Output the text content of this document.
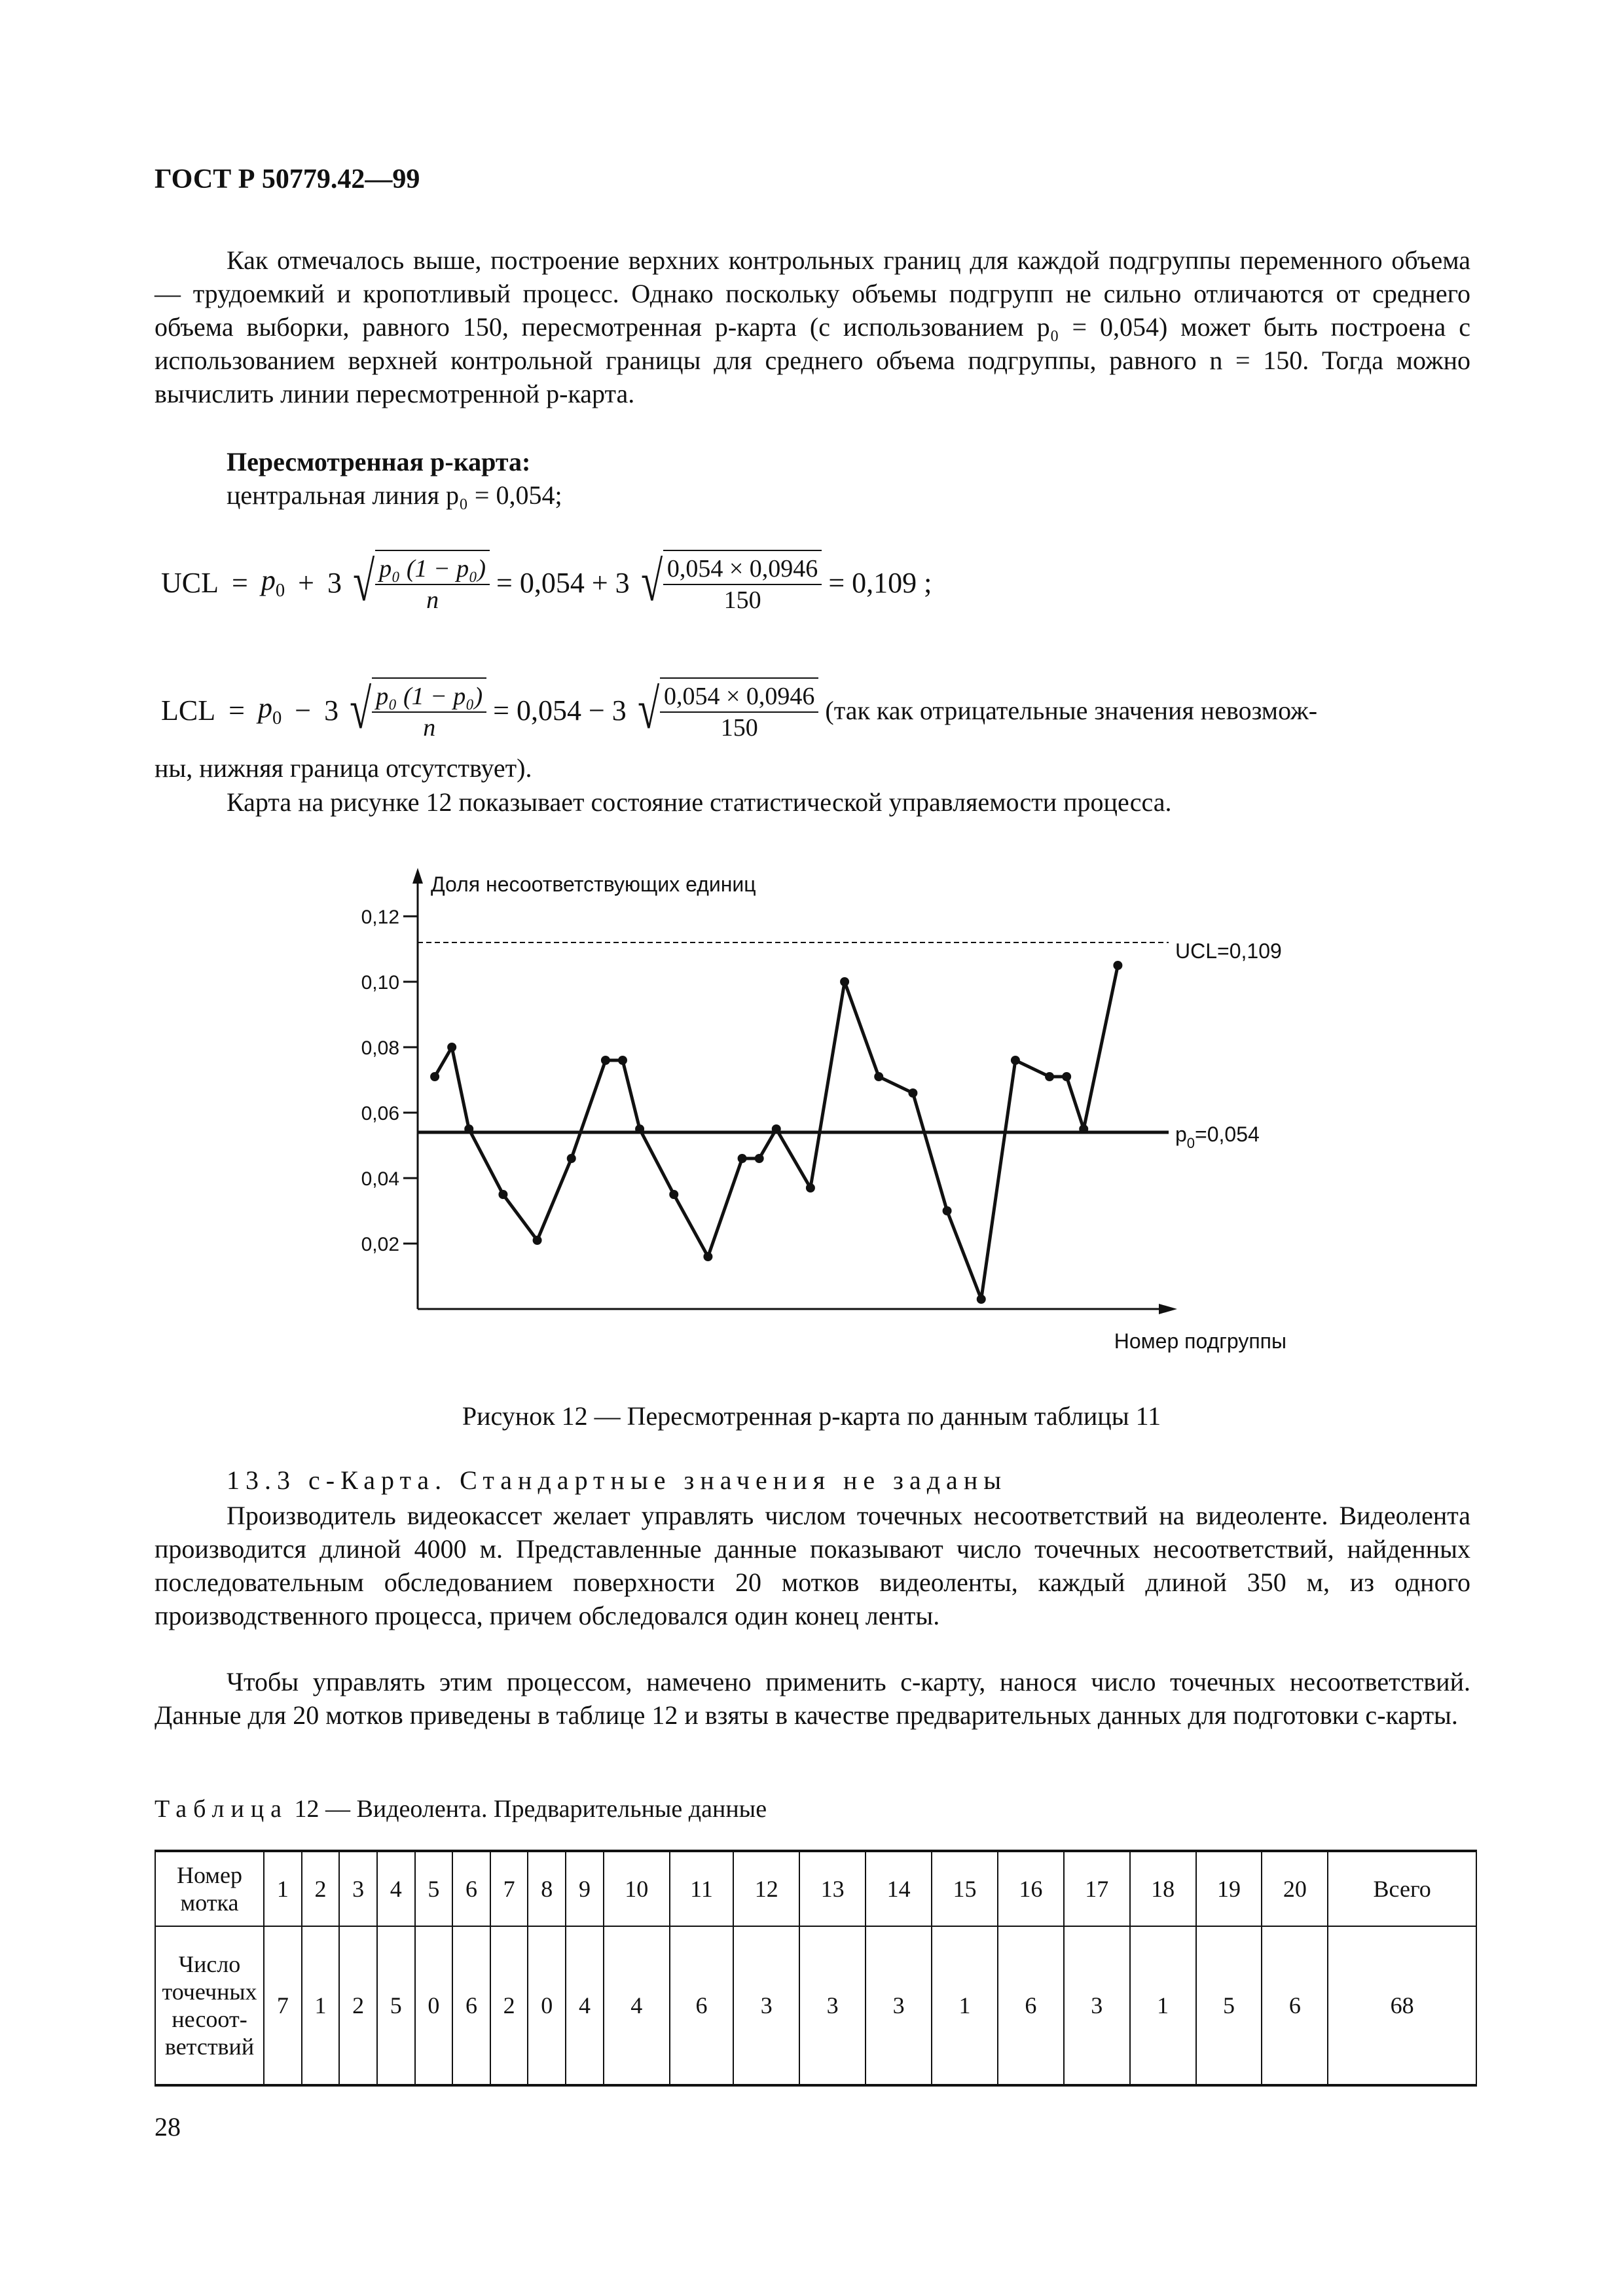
ГОСТ Р 50779.42—99

Как отмечалось выше, построение верхних контрольных границ для каждой подгруппы переменного объема — трудоемкий и кропотливый процесс. Однако поскольку объемы подгрупп не сильно отличаются от среднего объема выборки, равного 150, пересмотренная p-карта (с использованием p₀ = 0,054) может быть построена с использованием верхней контрольной границы для среднего объема подгруппы, равного n = 150. Тогда можно вычислить линии пересмотренной p-карта.

Пересмотренная p-карта:
центральная линия p₀ = 0,054;
UCL = $p_0 + 3$ √ $\frac{\text{p₀ (1 − p₀)}}{n} = 0,054 + 3$ √ $\frac{0,054 \times 0,0946}{150} = 0,109$ ;
LCL = $p_0 - 3$ √ $\frac{\text{p₀ (1 − p₀)}}{n} = 0,054 - 3$ √ $\frac{0,054 \times 0,0946}{150} (так$ как отрицательные значения невозмож-
ны, нижняя граница отсутствует).
Карта на рисунке 12 показывает состояние статистической управляемости процесса.
0,02
0,04
0,06
0,08
0,10
0,12
Доля несоответствующих единиц
Номер подгруппы
UCL=0,109
$p_0=0,054$
Рисунок 12 — Пересмотренная p-карта по данным таблицы 11
13.3 c-Карта. Стандартные значения не заданы

Производитель видеокассет желает управлять числом точечных несоответствий на видеоленте. Видеолента производится длиной 4000 м. Представленные данные показывают число точечных несоответствий, найденных последовательным обследованием поверхности 20 мотков видеоленты, каждый длиной 350 м, из одного производственного процесса, причем обследовался один конец ленты.

Чтобы управлять этим процессом, намечено применить c-карту, нанося число точечных несоответствий. Данные для 20 мотков приведены в таблице 12 и взяты в качестве предварительных данных для подготовки c-карты.

Таблица 12 — Видеолента. Предварительные данные
Номер мотка	1	2	3	4	5	6	7	8	9	10	11	12	13	14	15	16	17	18	19	20	Всего
Число точечных несоот-ветствий	7	1	2	5	0	6	2	0	4	4	6	3	3	3	1	6	3	1	5	6	68
28
